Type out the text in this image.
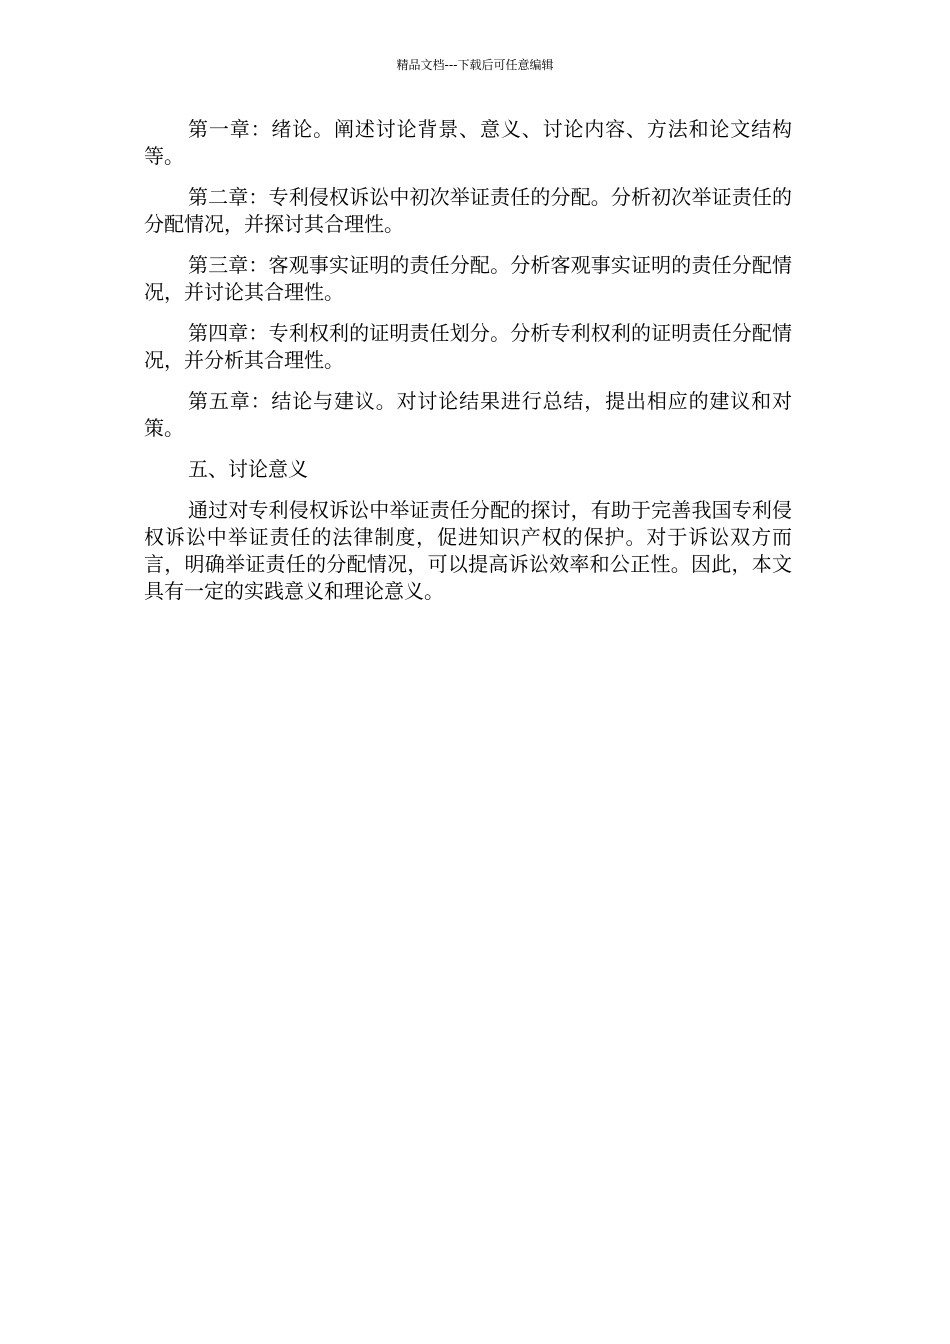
精品文档---下载后可任意编辑

第一章：绪论。阐述讨论背景、意义、讨论内容、方法和论文结构等。

第二章：专利侵权诉讼中初次举证责任的分配。分析初次举证责任的分配情况，并探讨其合理性。

第三章：客观事实证明的责任分配。分析客观事实证明的责任分配情况，并讨论其合理性。

第四章：专利权利的证明责任划分。分析专利权利的证明责任分配情况，并分析其合理性。

第五章：结论与建议。对讨论结果进行总结，提出相应的建议和对策。

五、讨论意义

通过对专利侵权诉讼中举证责任分配的探讨，有助于完善我国专利侵权诉讼中举证责任的法律制度，促进知识产权的保护。对于诉讼双方而言，明确举证责任的分配情况，可以提高诉讼效率和公正性。因此，本文具有一定的实践意义和理论意义。
